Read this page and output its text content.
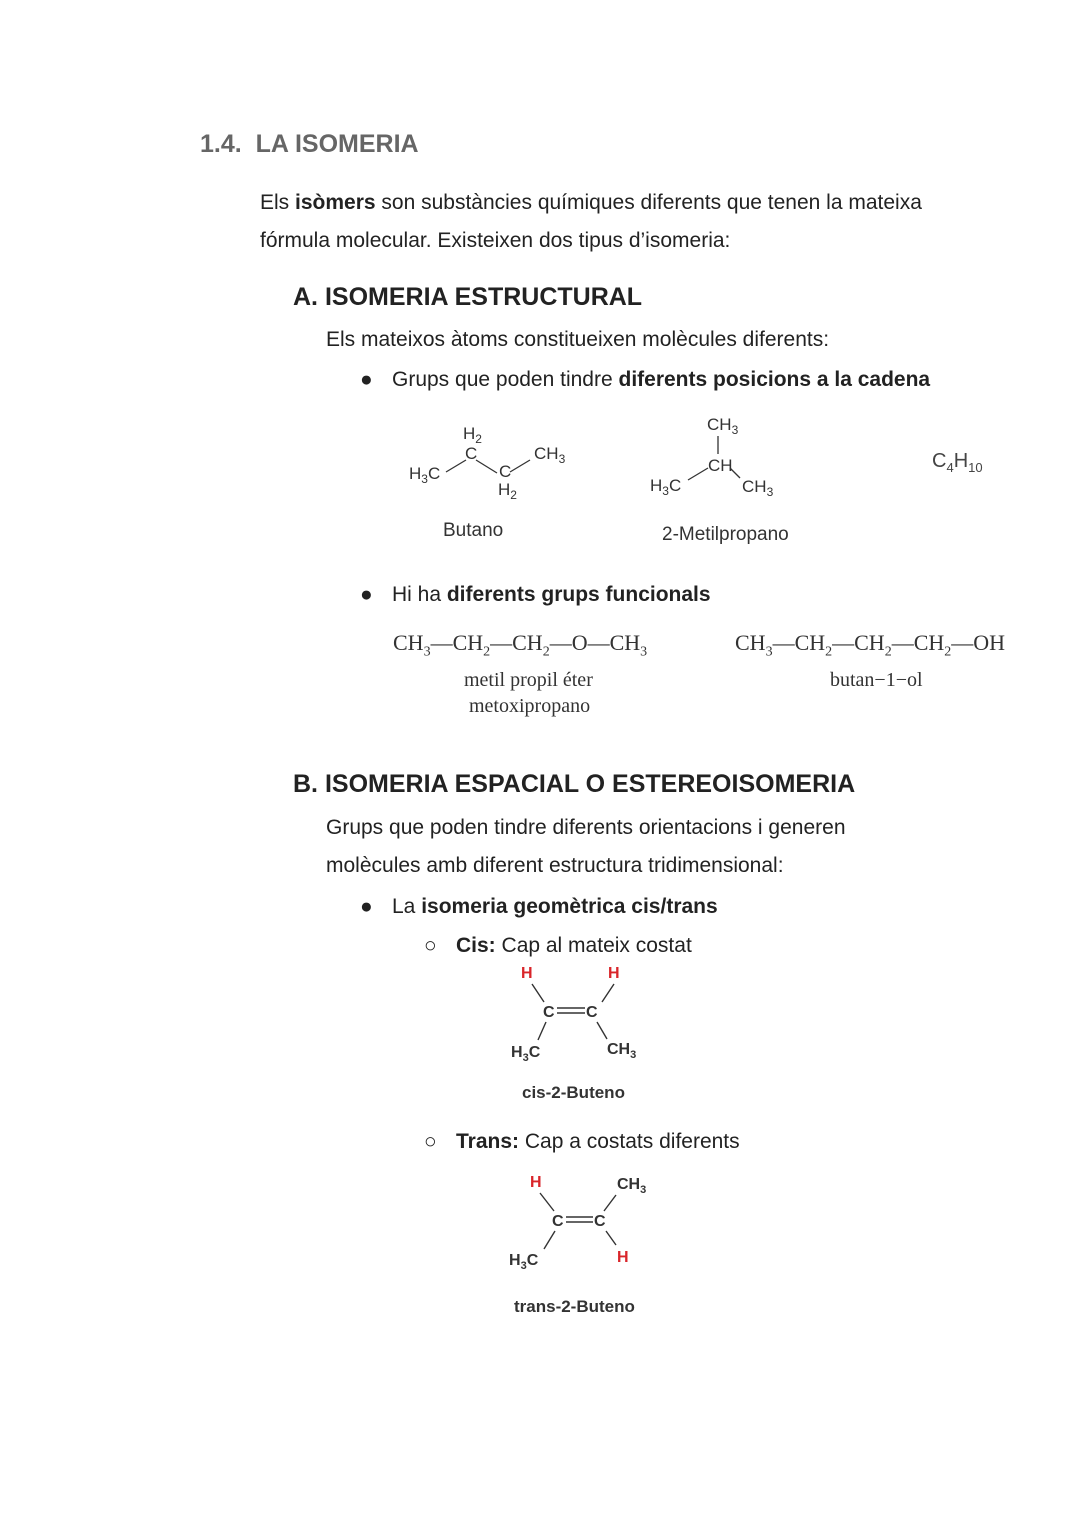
1.4. LA ISOMERIA
Els isòmers son substàncies químiques diferents que tenen la mateixa
fórmula molecular. Existeixen dos tipus d’isomeria:
A. ISOMERIA ESTRUCTURAL
Els mateixos àtoms constitueixen molècules diferents:
● Grups que poden tindre diferents posicions a la cadena
$H_2$
C
$H_3C$	C
$H_2$
$CH_3$
Butano
$CH_3$
CH
$H_3C$	$CH_3$
2-Metilpropano
$C_4H_{10}$
● Hi ha diferents grups funcionals
$CH_3—CH_2—CH_2—O—CH_3$
metil propil éter
metoxipropano
$CH_3—CH_2—CH_2—CH_2—OH$
butan−1−ol
B. ISOMERIA ESPACIAL O ESTEREOISOMERIA
Grups que poden tindre diferents orientacions i generen
molècules amb diferent estructura tridimensional:
● La isomeria geomètrica cis/trans
○ Cis: Cap al mateix costat
H	H
C C
$H_3C$	$CH_3$
cis-2-Buteno
○ Trans: Cap a costats diferents
H	$CH_3$
C C
$H_3C$	H
trans-2-Buteno
